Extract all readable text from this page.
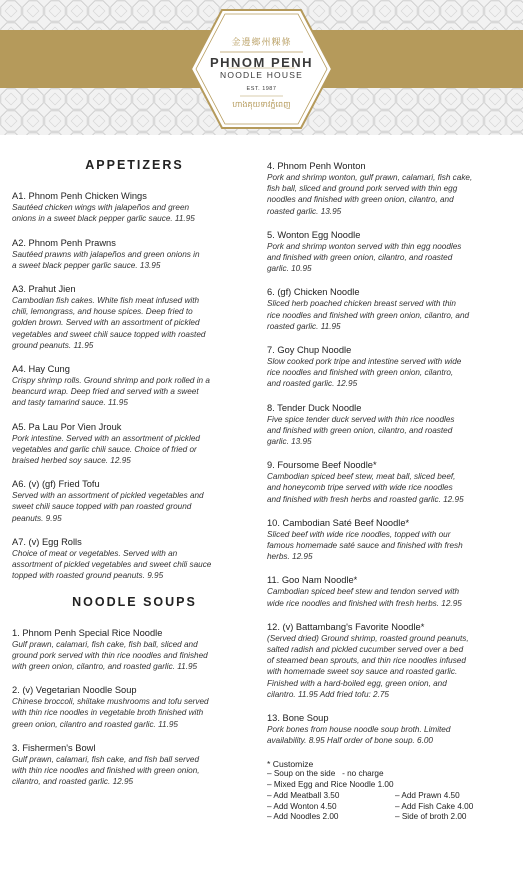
金邊鄉州粿條
PHNOM PENH
NOODLE HOUSE
EST. 1987
ហាងគុយទាវភ្នំពេញ
APPETIZERS
A1. Phnom Penh Chicken Wings
Sautéed chicken wings with jalapeños and green
onions in a sweet black pepper garlic sauce. 11.95
A2. Phnom Penh Prawns
Sautéed prawns with jalapeños and green onions in
a sweet black pepper garlic sauce. 13.95
A3. Prahut Jien
Cambodian fish cakes. White fish meat infused with
chili, lemongrass, and house spices. Deep fried to
golden brown. Served with an assortment of pickled
vegetables and sweet chili sauce topped with roasted
ground peanuts. 11.95
A4. Hay Cung
Crispy shrimp rolls. Ground shrimp and pork rolled in a
beancurd wrap. Deep fried and served with a sweet
and tasty tamarind sauce. 11.95
A5. Pa Lau Por Vien Jrouk
Pork intestine. Served with an assortment of pickled
vegetables and garlic chili sauce. Choice of fried or
braised herbed soy sauce. 12.95
A6. (v) (gf) Fried Tofu
Served with an assortment of pickled vegetables and
sweet chili sauce topped with pan roasted ground
peanuts. 9.95
A7. (v) Egg Rolls
Choice of meat or vegetables. Served with an
assortment of pickled vegetables and sweet chili sauce
topped with roasted ground peanuts. 9.95
NOODLE SOUPS
1. Phnom Penh Special Rice Noodle
Gulf prawn, calamari, fish cake, fish ball, sliced and
ground pork served with thin rice noodles and finished
with green onion, cilantro, and roasted garlic. 11.95
2. (v) Vegetarian Noodle Soup
Chinese broccoli, shiitake mushrooms and tofu served
with thin rice noodles in vegetable broth finished with
green onion, cilantro and roasted garlic. 11.95
3. Fishermen's Bowl
Gulf prawn, calamari, fish cake, and fish ball served
with thin rice noodles and finished with green onion,
cilantro, and roasted garlic. 12.95
4. Phnom Penh Wonton
Pork and shrimp wonton, gulf prawn, calamari, fish cake,
fish ball, sliced and ground pork served with thin egg
noodles and finished with green onion, cilantro, and
roasted garlic. 13.95
5. Wonton Egg Noodle
Pork and shrimp wonton served with thin egg noodles
and finished with green onion, cilantro, and roasted
garlic. 10.95
6. (gf) Chicken Noodle
Sliced herb poached chicken breast served with thin
rice noodles and finished with green onion, cilantro, and
roasted garlic. 11.95
7. Goy Chup Noodle
Slow cooked pork tripe and intestine served with wide
rice noodles and finished with green onion, cilantro,
and roasted garlic. 12.95
8. Tender Duck Noodle
Five spice tender duck served with thin rice noodles
and finished with green onion, cilantro, and roasted
garlic. 13.95
9. Foursome Beef Noodle*
Cambodian spiced beef stew, meat ball, sliced beef,
and honeycomb tripe served with wide rice noodles
and finished with fresh herbs and roasted garlic. 12.95
10. Cambodian Saté Beef Noodle*
Sliced beef with wide rice noodles, topped with our
famous homemade saté sauce and finished with fresh
herbs. 12.95
11. Goo Nam Noodle*
Cambodian spiced beef stew and tendon served with
wide rice noodles and finished with fresh herbs. 12.95
12. (v) Battambang's Favorite Noodle*
(Served dried) Ground shrimp, roasted ground peanuts,
salted radish and pickled cucumber served over a bed
of steamed bean sprouts, and thin rice noodles infused
with homemade sweet soy sauce and roasted garlic.
Finished with a hard-boiled egg, green onion, and
cilantro. 11.95 Add fried tofu: 2.75
13. Bone Soup
Pork bones from house noodle soup broth. Limited
availability. 8.95 Half order of bone soup. 6.00
* Customize
– Soup on the side   - no charge
– Mixed Egg and Rice Noodle 1.00
– Add Meatball 3.50	– Add Prawn 4.50
– Add Wonton 4.50	– Add Fish Cake 4.00
– Add Noodles 2.00	– Side of broth 2.00
